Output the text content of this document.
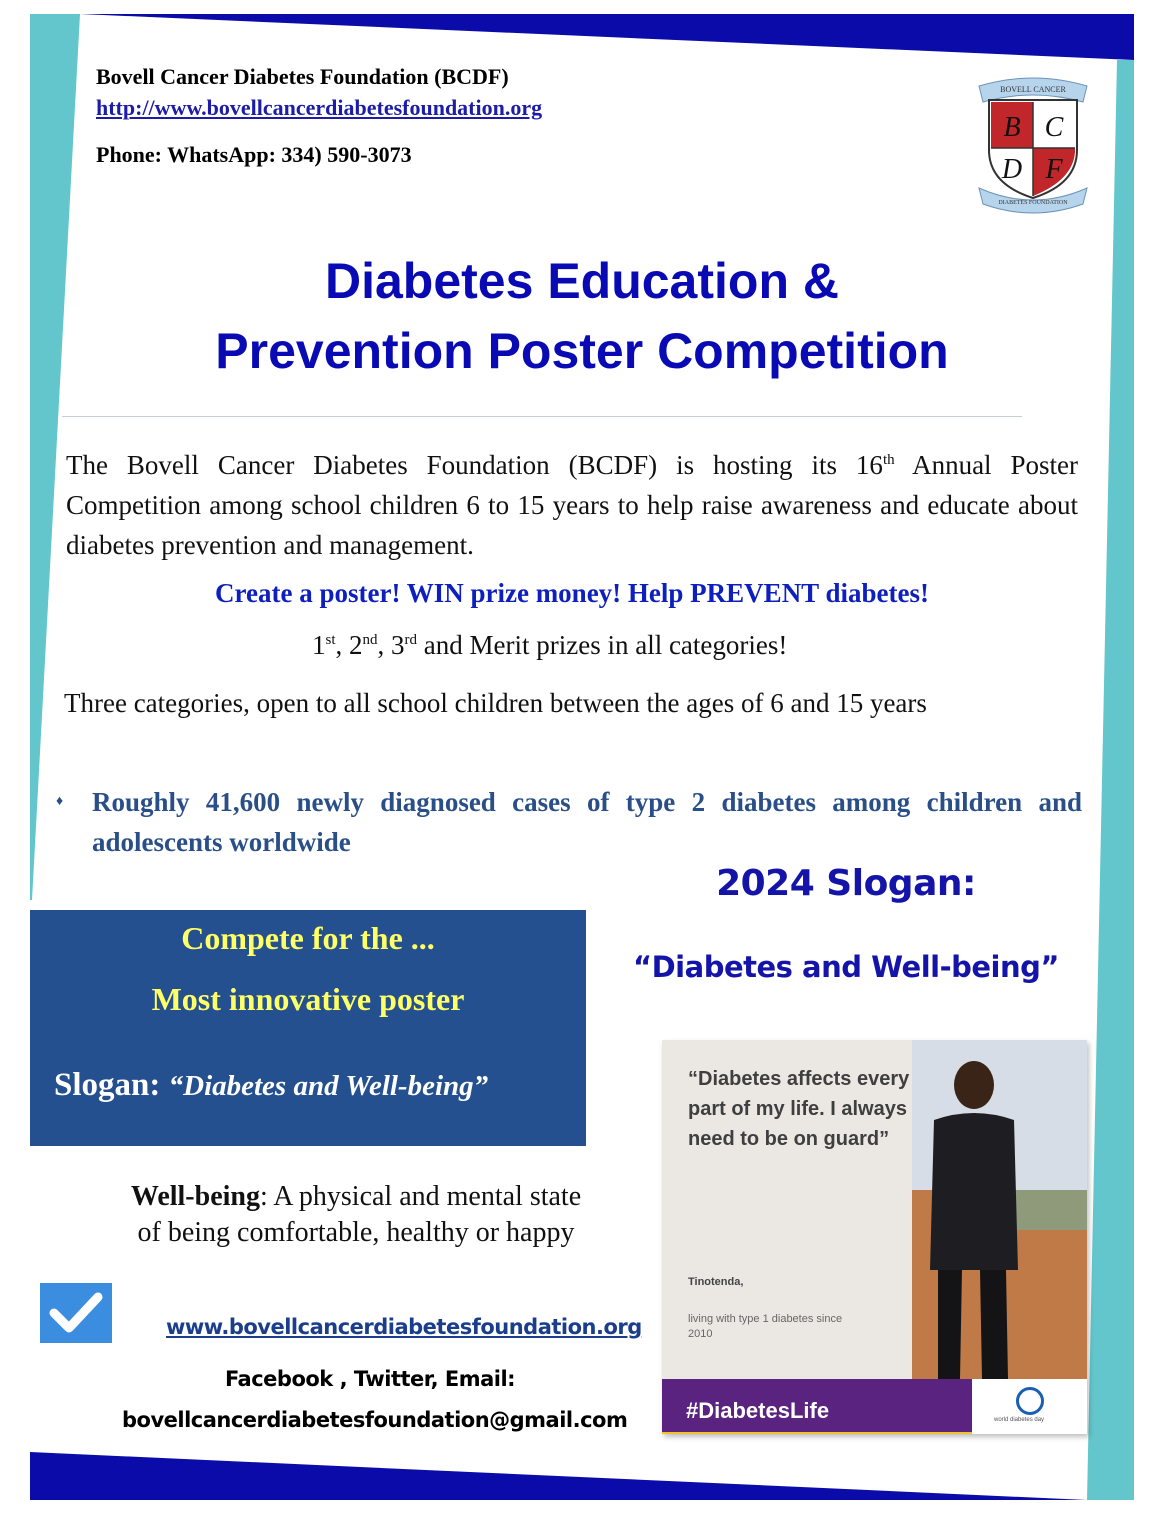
Bovell Cancer Diabetes Foundation (BCDF)
http://www.bovellcancerdiabetesfoundation.org
Phone: WhatsApp: 334) 590-3073
BOVELL CANCER
B C
D F
DIABETES FOUNDATION
Diabetes Education &
Prevention Poster Competition
The Bovell Cancer Diabetes Foundation (BCDF) is hosting its 16th Annual Poster Competition among school children 6 to 15 years to help raise awareness and educate about diabetes prevention and management.
Create a poster! WIN prize money! Help PREVENT diabetes!
1st, 2nd, 3rd and Merit prizes in all categories!
Three categories, open to all school children between the ages of 6 and 15 years
♦ Roughly 41,600 newly diagnosed cases of type 2 diabetes among children and adolescents worldwide
2024 Slogan:
“Diabetes and Well-being”
Compete for the ...
Most innovative poster
Slogan: “Diabetes and Well-being”
Well-being: A physical and mental state of being comfortable, healthy or happy
www.bovellcancerdiabetesfoundation.org
Facebook , Twitter, Email:
bovellcancerdiabetesfoundation@gmail.com
“Diabetes affects every part of my life. I always need to be on guard”
Tinotenda,
living with type 1 diabetes since 2010
#DiabetesLife	world diabetes day
